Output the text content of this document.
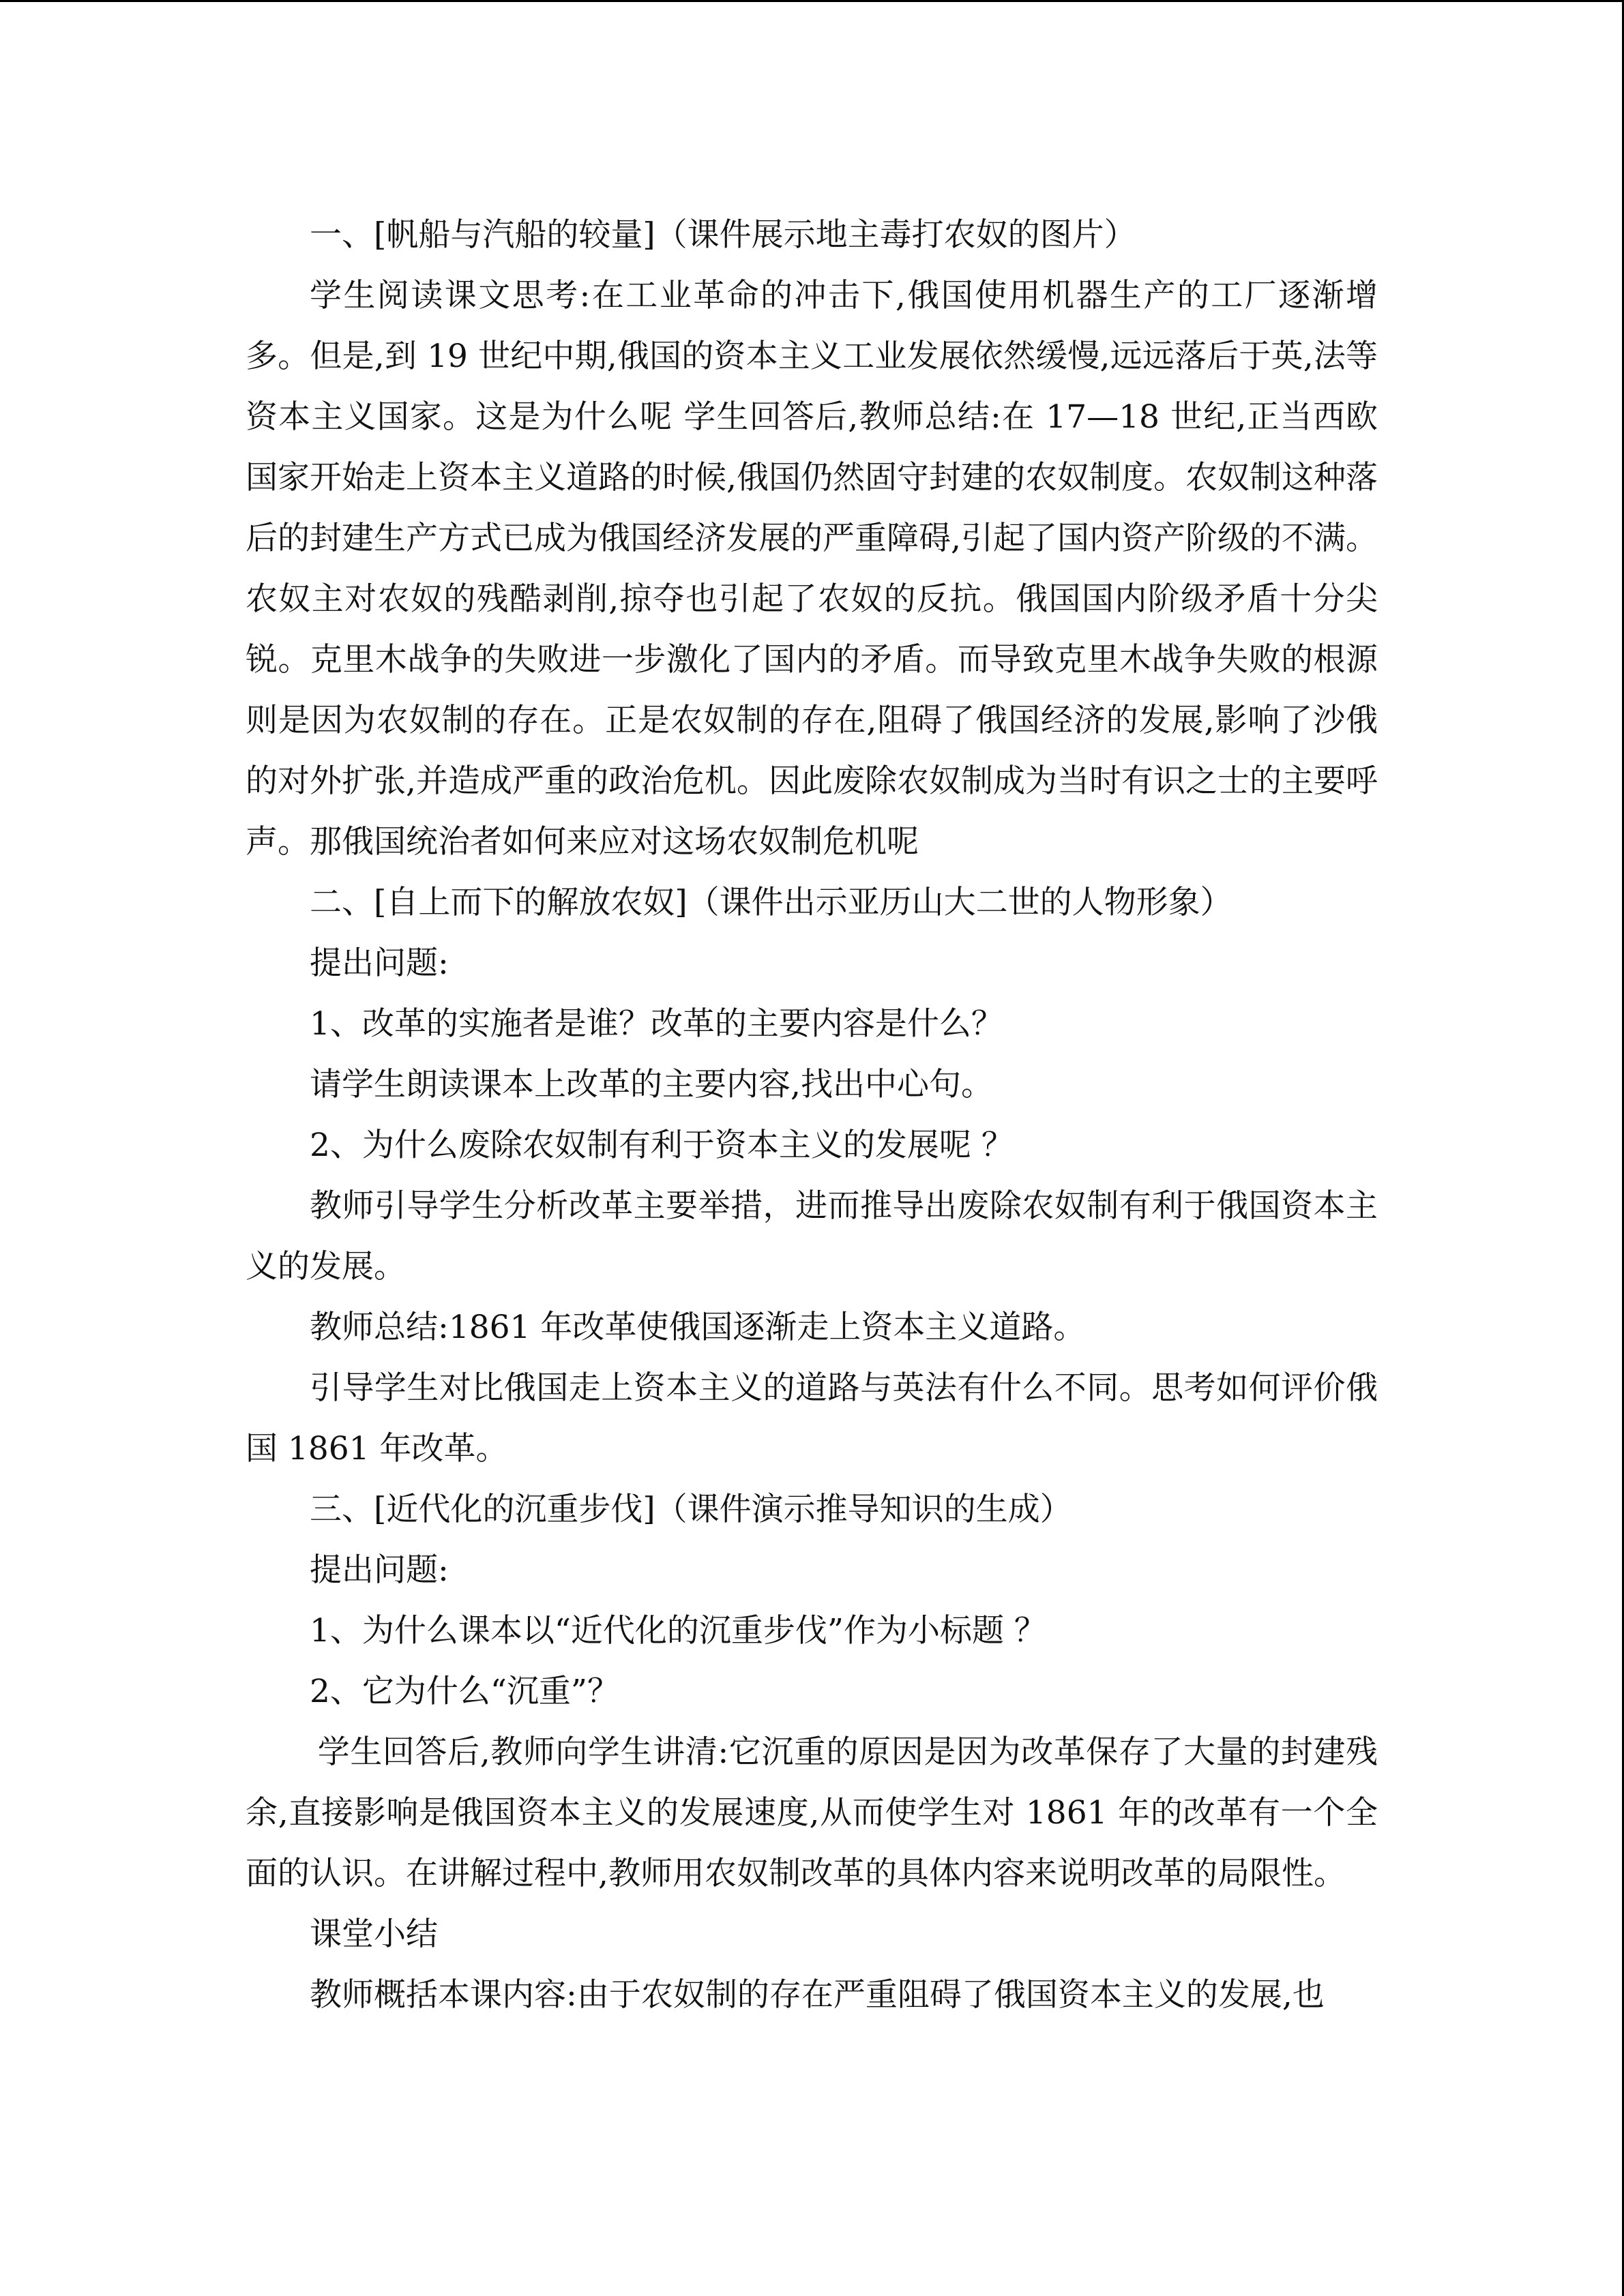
一、[帆船与汽船的较量]（课件展示地主毒打农奴的图片）

学生阅读课文思考:在工业革命的冲击下,俄国使用机器生产的工厂逐渐增多。但是,到 19 世纪中期,俄国的资本主义工业发展依然缓慢,远远落后于英,法等资本主义国家。这是为什么呢 学生回答后,教师总结:在 17—18 世纪,正当西欧国家开始走上资本主义道路的时候,俄国仍然固守封建的农奴制度。农奴制这种落后的封建生产方式已成为俄国经济发展的严重障碍,引起了国内资产阶级的不满。农奴主对农奴的残酷剥削,掠夺也引起了农奴的反抗。俄国国内阶级矛盾十分尖锐。克里木战争的失败进一步激化了国内的矛盾。而导致克里木战争失败的根源则是因为农奴制的存在。正是农奴制的存在,阻碍了俄国经济的发展,影响了沙俄的对外扩张,并造成严重的政治危机。因此废除农奴制成为当时有识之士的主要呼声。那俄国统治者如何来应对这场农奴制危机呢

二、[自上而下的解放农奴]（课件出示亚历山大二世的人物形象）

提出问题:

1、改革的实施者是谁？改革的主要内容是什么？

请学生朗读课本上改革的主要内容,找出中心句。

2、为什么废除农奴制有利于资本主义的发展呢 ？

教师引导学生分析改革主要举措，进而推导出废除农奴制有利于俄国资本主义的发展。

教师总结:1861 年改革使俄国逐渐走上资本主义道路。

引导学生对比俄国走上资本主义的道路与英法有什么不同。思考如何评价俄国 1861 年改革。

三、[近代化的沉重步伐]（课件演示推导知识的生成）

提出问题:

1、为什么课本以“近代化的沉重步伐”作为小标题 ？

2、它为什么“沉重”？

学生回答后,教师向学生讲清:它沉重的原因是因为改革保存了大量的封建残余,直接影响是俄国资本主义的发展速度,从而使学生对 1861 年的改革有一个全面的认识。在讲解过程中,教师用农奴制改革的具体内容来说明改革的局限性。

课堂小结

教师概括本课内容:由于农奴制的存在严重阻碍了俄国资本主义的发展,也
